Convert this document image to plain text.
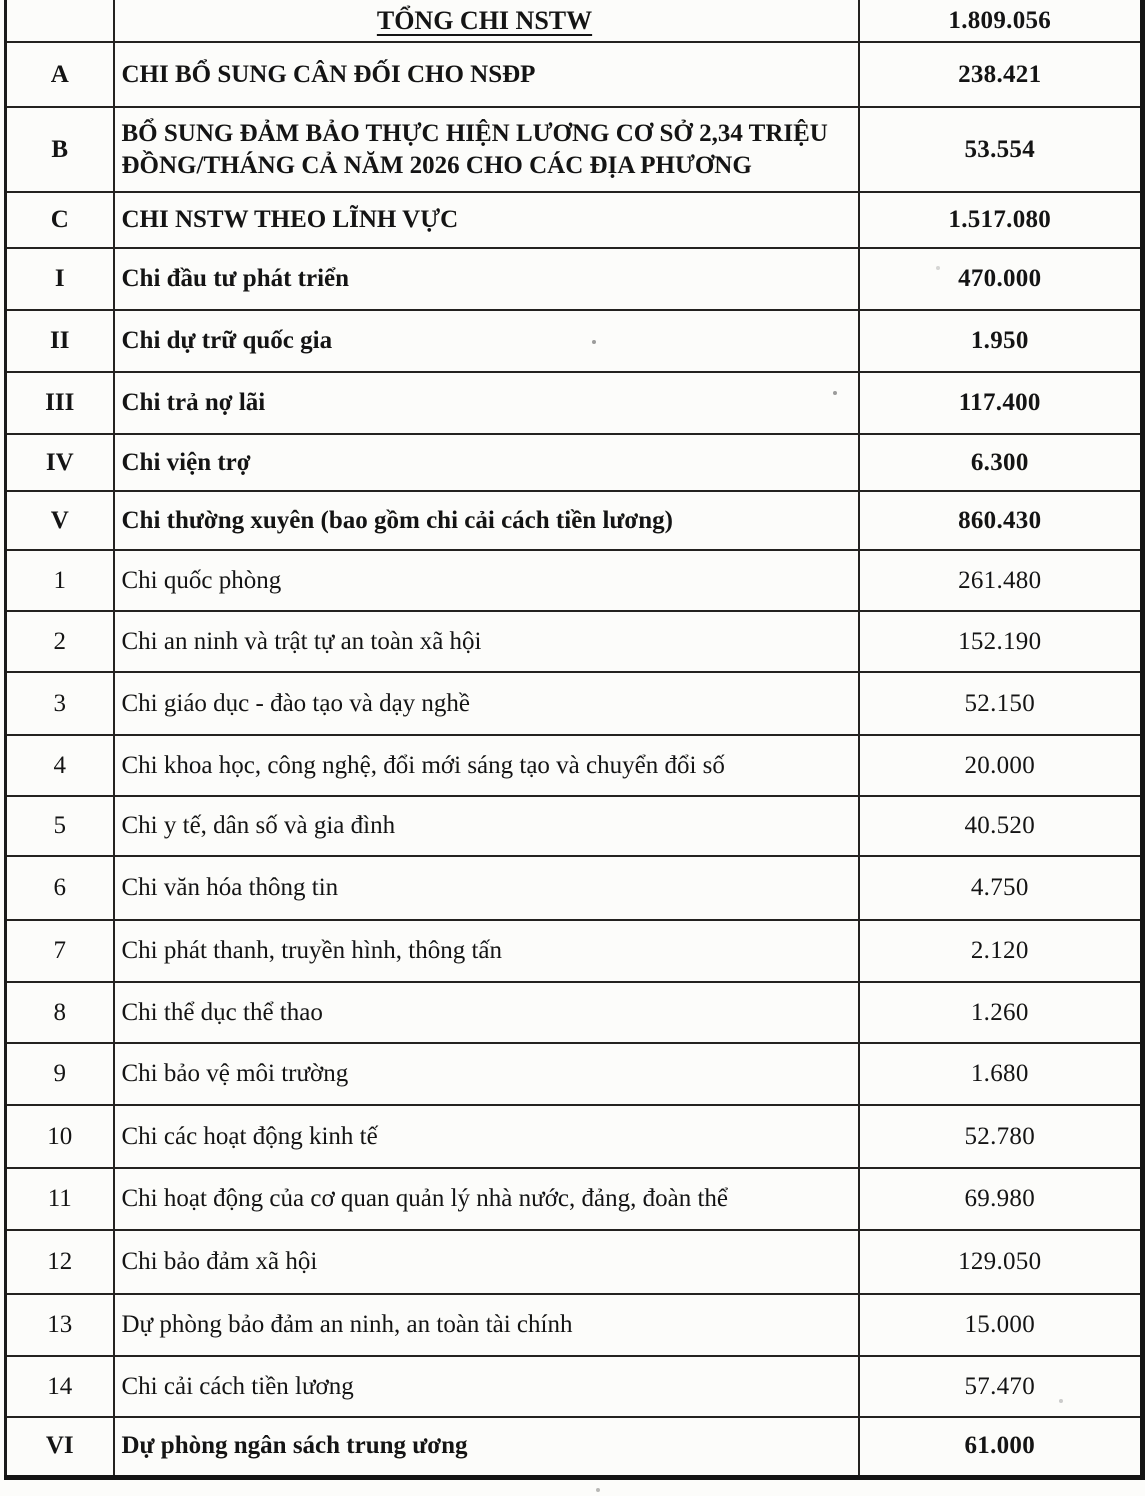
	TỔNG CHI NSTW	1.809.056
A	CHI BỔ SUNG CÂN ĐỐI CHO NSĐP	238.421
B	BỔ SUNG ĐẢM BẢO THỰC HIỆN LƯƠNG CƠ SỞ 2,34 TRIỆU ĐỒNG/THÁNG CẢ NĂM 2026 CHO CÁC ĐỊA PHƯƠNG	53.554
C	CHI NSTW THEO LĨNH VỰC	1.517.080
I	Chi đầu tư phát triển	470.000
II	Chi dự trữ quốc gia	1.950
III	Chi trả nợ lãi	117.400
IV	Chi viện trợ	6.300
V	Chi thường xuyên (bao gồm chi cải cách tiền lương)	860.430
1	Chi quốc phòng	261.480
2	Chi an ninh và trật tự an toàn xã hội	152.190
3	Chi giáo dục - đào tạo và dạy nghề	52.150
4	Chi khoa học, công nghệ, đổi mới sáng tạo và chuyển đổi số	20.000
5	Chi y tế, dân số và gia đình	40.520
6	Chi văn hóa thông tin	4.750
7	Chi phát thanh, truyền hình, thông tấn	2.120
8	Chi thể dục thể thao	1.260
9	Chi bảo vệ môi trường	1.680
10	Chi các hoạt động kinh tế	52.780
11	Chi hoạt động của cơ quan quản lý nhà nước, đảng, đoàn thể	69.980
12	Chi bảo đảm xã hội	129.050
13	Dự phòng bảo đảm an ninh, an toàn tài chính	15.000
14	Chi cải cách tiền lương	57.470
VI	Dự phòng ngân sách trung ương	61.000
